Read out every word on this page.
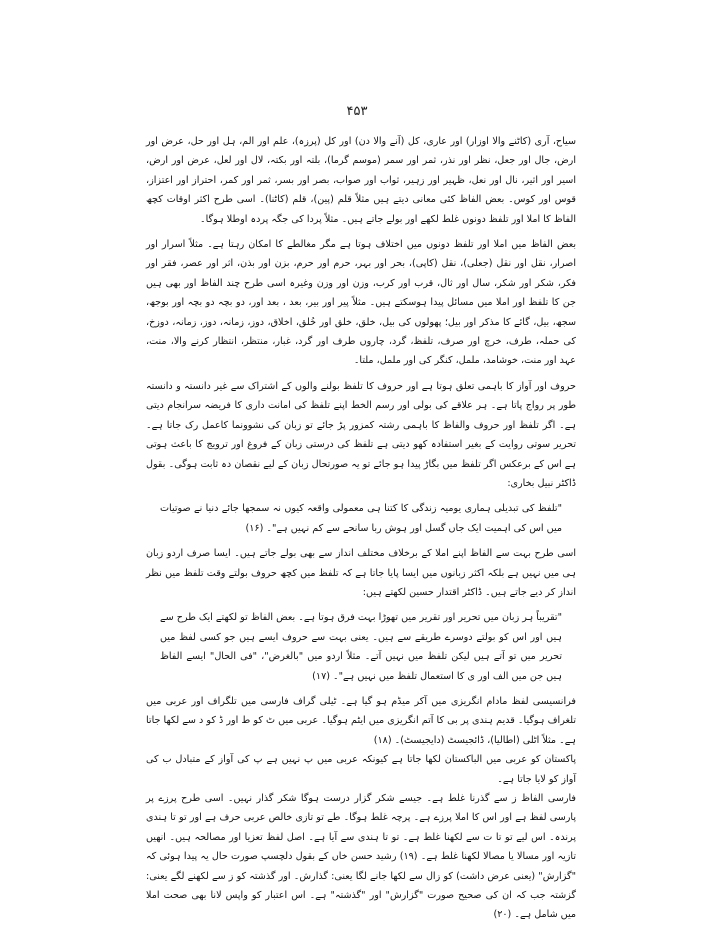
۴۵۳

سیاح، آری (کاٹنے والا اوزار) اور عاری، کل (آنے والا دن) اور کل (پرزہ)، علم اور الم، ہل اور حل، عرض اور ارض، جال اور جعل، نظر اور نذر، ثمر اور سمر (موسم گرما)، بلتہ اور بکتہ، لال اور لعل، عرض اور ارض، اسیر اور اثیر، نال اور نعل، ظہیر اور زہیر، ثواب اور صواب، بصر اور بسر، ثمر اور کمر، احتراز اور اعتزاز، قوس اور کوس۔ بعض الفاظ کئی معانی دیتے ہیں مثلاً قلم (پین)، قلم (کاٹنا)۔ اسی طرح اکثر اوقات کچھ الفاظ کا املا اور تلفظ دونوں غلط لکھے اور بولے جاتے ہیں۔ مثلاً پردا کی جگہ پردہ اوطلا ہوگا۔

بعض الفاظ میں املا اور تلفظ دونوں میں اختلاف ہوتا ہے مگر مغالطے کا امکان رہتا ہے۔ مثلاً اسرار اور اصرار، نقل اور نقل (جعلی)، نقل (کاپی)، بحر اور بہر، حرم اور حرم، بزن اور بذن، اثر اور عصر، فقر اور فکر، شکر اور شکر، سال اور ثال، قرب اور کرب، وزن اور وزن وغیرہ اسی طرح چند الفاظ اور بھی ہیں جن کا تلفظ اور املا میں مسائل پیدا ہوسکتے ہیں۔ مثلاً پیر اور بیر، بعد ، بعد اور، دو بچہ دو بچہ اور بوجھ، سجھ، بیل، گائے کا مذکر اور بیل؛ پھولوں کی بیل، خلق، خلق اور خُلق، اخلاق، دوز، زمانہ، دوز، زمانہ، دوزخ، کی حملہ، طرف، خرچ اور صرف، تلفظ، گرد، چاروں طرف اور گرد، غبار، منتظر، انتظار کرنے والا، منت، عہد اور منت، خوشامد، ململ، کنگر کی اور ململ، ملتا۔

حروف اور آواز کا باہمی تعلق ہوتا ہے اور حروف کا تلفظ بولنے والوں کے اشتراک سے غیر دانستہ و دانستہ طور پر رواج پاتا ہے۔ ہر علاقے کی بولی اور رسم الخط اپنے تلفظ کی امانت داری کا فریضہ سرانجام دیتی ہے۔ اگر تلفظ اور حروف والفاظ کا باہمی رشتہ کمزور پڑ جائے تو زبان کی نشوونما کاعمل رک جاتا ہے۔ تحریر سوتی روایت کے بغیر استفادہ کھو دیتی ہے تلفظ کی درستی زبان کے فروغ اور ترویج کا باعث ہوتی ہے اس کے برعکس اگر تلفظ میں بگاڑ پیدا ہو جائے تو یہ صورتحال زبان کے لیے نقصان دہ ثابت ہوگی۔ بقول ڈاکٹر نبیل بخاری:

"تلفظ کی تبدیلی ہماری یومیہ زندگی کا کتنا ہی معمولی واقعہ کیوں نہ سمجھا جائے دنیا نے صوتیات میں اس کی اہمیت ایک جاں گسل اور ہوش ربا سانحے سے کم نہیں ہے"۔ (۱۶)

اسی طرح بہت سے الفاظ اپنے املا کے برخلاف مختلف انداز سے بھی بولے جاتے ہیں۔ ایسا صرف اردو زبان ہی میں نہیں ہے بلکہ اکثر زبانوں میں ایسا پایا جاتا ہے کہ تلفظ میں کچھ حروف بولتے وقت تلفظ میں نظر انداز کر دیے جاتے ہیں۔ ڈاکٹر اقتدار حسین لکھتے ہیں:

"تقریباً ہر زبان میں تحریر اور تقریر میں تھوڑا بہت فرق ہوتا ہے۔ بعض الفاظ تو لکھتے ایک طرح سے ہیں اور اس کو بولتے دوسرے طریقے سے ہیں۔ یعنی بہت سے حروف ایسے ہیں جو کسی لفظ میں تحریر میں تو آتے ہیں لیکن تلفظ میں نہیں آتے۔ مثلاً اردو میں "بالغرض"، "فی الحال" ایسے الفاظ ہیں جن میں الف اور ی کا استعمال تلفظ میں نہیں ہے"۔ (۱۷)

فرانسیسی لفظ مادام انگریزی میں آکر میڈم ہو گیا ہے۔ ٹیلی گراف فارسی میں تلگراف اور عربی میں تلغراف ہوگیا۔ قدیم ہندی پر بی کا آتم انگریزی میں ایٹم ہوگیا۔ عربی میں ٹ کو ط اور ڈ کو د سے لکھا جاتا ہے۔ مثلاً اٹلی (اطالیا)، ڈائجیسٹ (دایجیسٹ)۔ (۱۸)

پاکستان کو عربی میں الباکستان لکھا جاتا ہے کیونکہ عربی میں پ نہیں ہے پ کی آواز کے متبادل ب کی آواز کو لایا جاتا ہے۔

فارسی الفاظ ز سے گذرنا غلط ہے۔ جیسے شکر گزار درست ہوگا شکر گذار نہیں۔ اسی طرح پرزے پر پارسی لفظ ہے اور اس کا املا پرزے ہے۔ پرچہ غلط ہوگا۔ طے تو تازی خالص عربی حرف ہے اور تو تا ہندی پرندہ۔ اس لیے تو تا ت سے لکھنا غلط ہے۔ تو تا ہندی سے آیا ہے۔ اصل لفظ تعزیا اور مصالحہ ہیں۔ انھیں تازیہ اور مسالا یا مصالا لکھنا غلط ہے۔ (۱۹) رشید حسن خاں کے بقول دلچسپ صورت حال یہ پیدا ہوئی کہ "گزارش" (یعنی عرض داشت) کو زال سے لکھا جانے لگا یعنی: گذارش۔ اور گذشتہ کو ز سے لکھنے لگے یعنی: گزشتہ جب کہ ان کی صحیح صورت "گزارش" اور "گذشتہ" ہے۔ اس اعتبار کو واپس لانا بھی صحت املا میں شامل ہے۔ (۲۰)
